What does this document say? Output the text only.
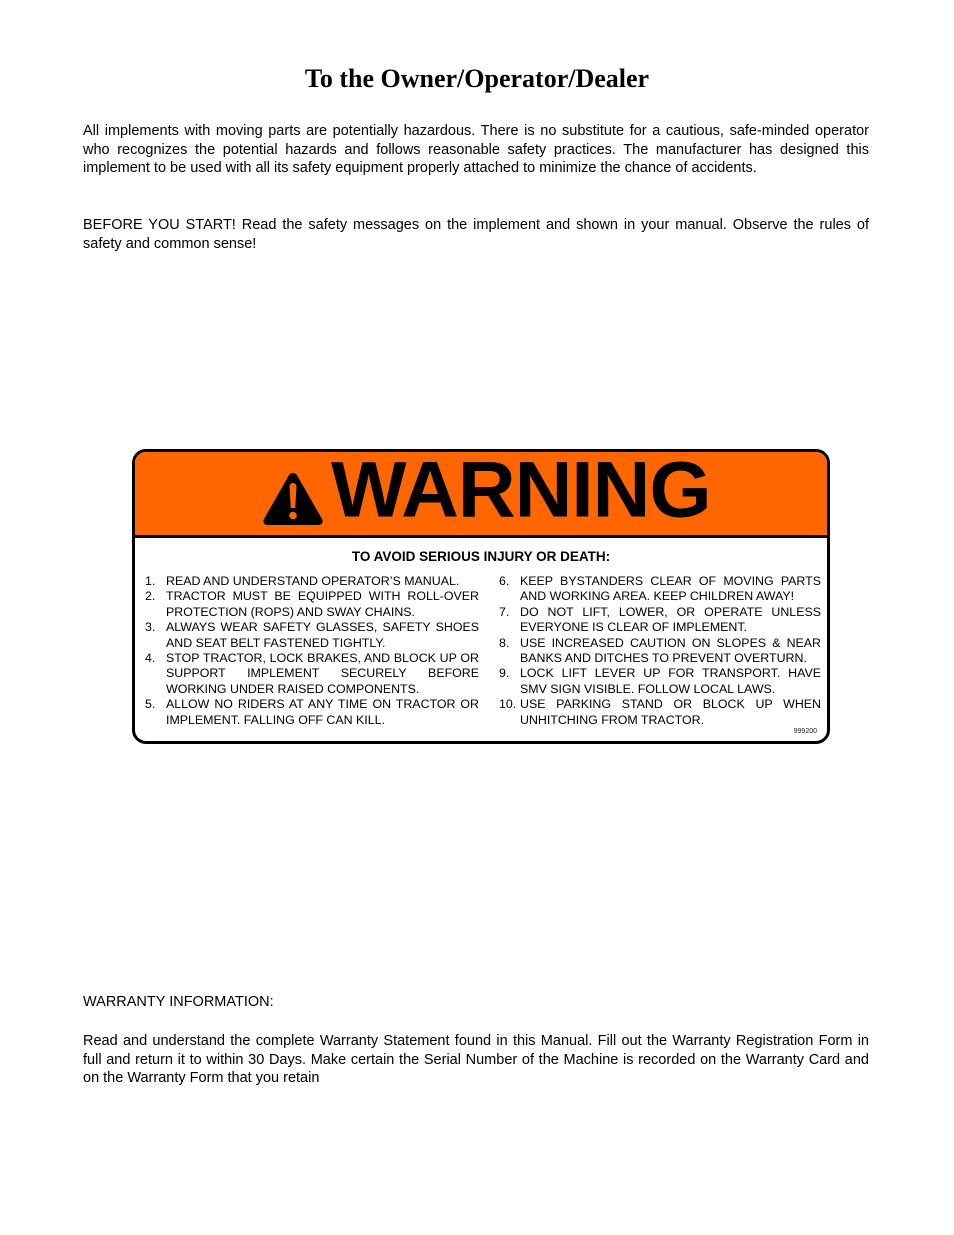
To the Owner/Operator/Dealer

All implements with moving parts are potentially hazardous. There is no substitute for a cautious, safe-minded operator who recognizes the potential hazards and follows reasonable safety practices. The manufacturer has designed this implement to be used with all its safety equipment properly attached to minimize the chance of accidents.

BEFORE YOU START! Read the safety messages on the implement and shown in your manual. Observe the rules of safety and common sense!

WARNING
TO AVOID SERIOUS INJURY OR DEATH:
1. READ AND UNDERSTAND OPERATOR’S MANUAL.
2. TRACTOR MUST BE EQUIPPED WITH ROLL-OVER PROTECTION (ROPS) AND SWAY CHAINS.
3. ALWAYS WEAR SAFETY GLASSES, SAFETY SHOES AND SEAT BELT FASTENED TIGHTLY.
4. STOP TRACTOR, LOCK BRAKES, AND BLOCK UP OR SUPPORT IMPLEMENT SECURELY BEFORE WORKING UNDER RAISED COMPONENTS.
5. ALLOW NO RIDERS AT ANY TIME ON TRACTOR OR IMPLEMENT. FALLING OFF CAN KILL.
6. KEEP BYSTANDERS CLEAR OF MOVING PARTS AND WORKING AREA. KEEP CHILDREN AWAY!
7. DO NOT LIFT, LOWER, OR OPERATE UNLESS EVERYONE IS CLEAR OF IMPLEMENT.
8. USE INCREASED CAUTION ON SLOPES & NEAR BANKS AND DITCHES TO PREVENT OVERTURN.
9. LOCK LIFT LEVER UP FOR TRANSPORT. HAVE SMV SIGN VISIBLE. FOLLOW LOCAL LAWS.
10. USE PARKING STAND OR BLOCK UP WHEN UNHITCHING FROM TRACTOR.
999200

WARRANTY INFORMATION:

Read and understand the complete Warranty Statement found in this Manual. Fill out the Warranty Registration Form in full and return it to within 30 Days. Make certain the Serial Number of the Machine is recorded on the Warranty Card and on the Warranty Form that you retain
